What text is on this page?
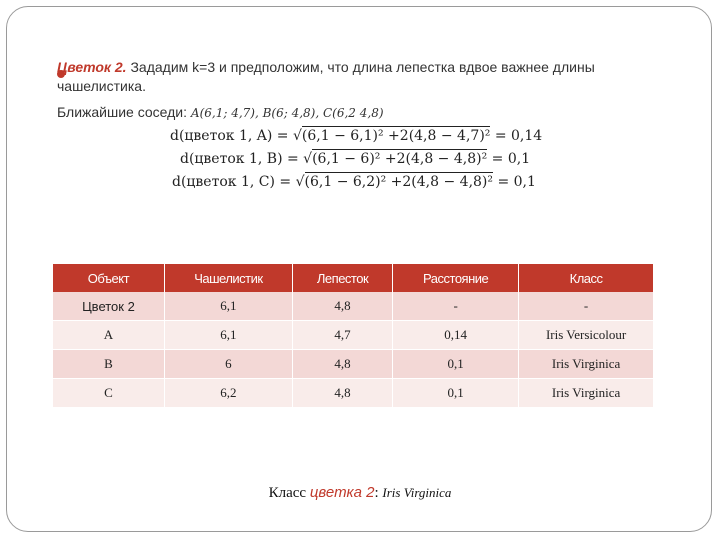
Цветок 2. Зададим k=3 и предположим, что длина лепестка вдвое важнее длины чашелистика.
Ближайшие соседи: A(6,1; 4,7), B(6; 4,8), C(6,2 4,8)
d(цветок 1, A) = √(6,1 − 6,1)² +2(4,8 − 4,7)² = 0,14
d(цветок 1, B) = √(6,1 − 6)² +2(4,8 − 4,8)² = 0,1
d(цветок 1, C) = √(6,1 − 6,2)² +2(4,8 − 4,8)² = 0,1
Объект	Чашелистик	Лепесток	Расстояние	Класс
Цветок 2	6,1	4,8	-	-
A	6,1	4,7	0,14	Iris Versicolour
B	6	4,8	0,1	Iris Virginica
C	6,2	4,8	0,1	Iris Virginica
Класс цветка 2: Iris Virginica
